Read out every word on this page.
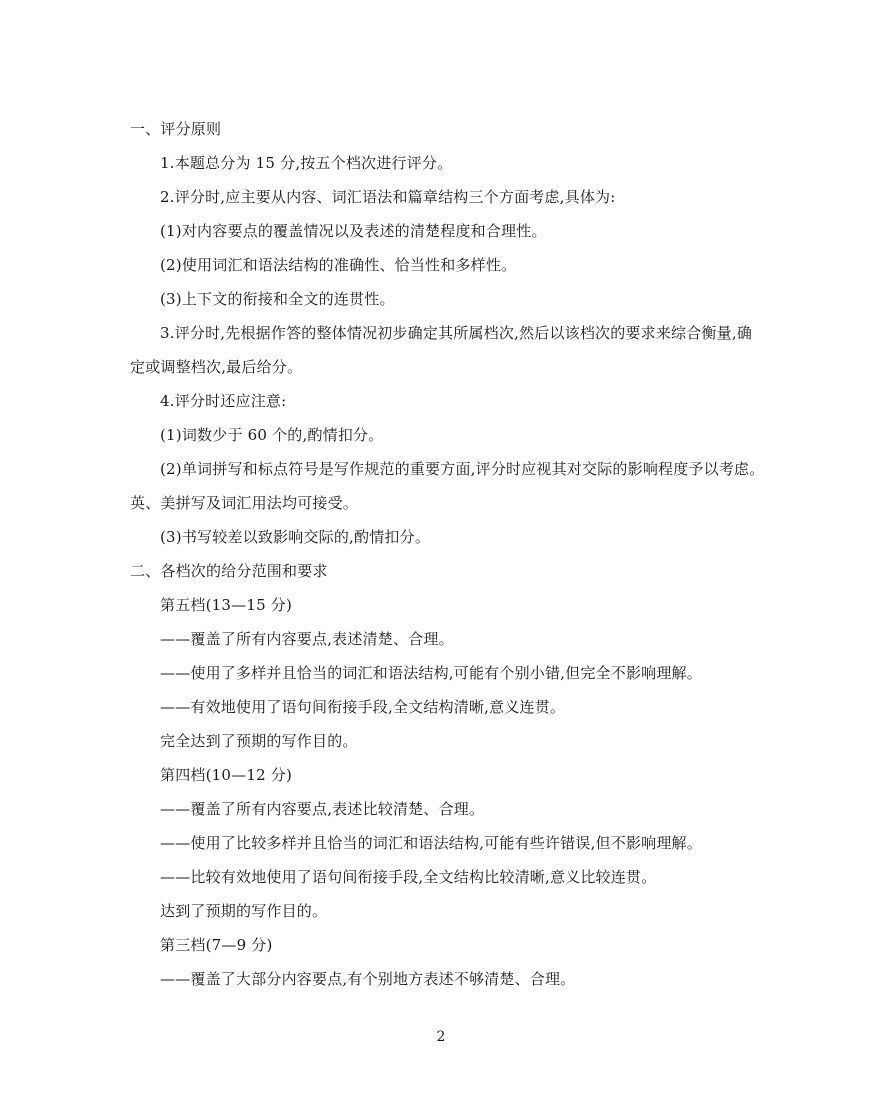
一、评分原则
1.本题总分为 15 分,按五个档次进行评分。
2.评分时,应主要从内容、词汇语法和篇章结构三个方面考虑,具体为:
(1)对内容要点的覆盖情况以及表述的清楚程度和合理性。
(2)使用词汇和语法结构的准确性、恰当性和多样性。
(3)上下文的衔接和全文的连贯性。
3.评分时,先根据作答的整体情况初步确定其所属档次,然后以该档次的要求来综合衡量,确
定或调整档次,最后给分。
4.评分时还应注意:
(1)词数少于 60 个的,酌情扣分。
(2)单词拼写和标点符号是写作规范的重要方面,评分时应视其对交际的影响程度予以考虑。
英、美拼写及词汇用法均可接受。
(3)书写较差以致影响交际的,酌情扣分。
二、各档次的给分范围和要求
第五档(13—15 分)
——覆盖了所有内容要点,表述清楚、合理。
——使用了多样并且恰当的词汇和语法结构,可能有个别小错,但完全不影响理解。
——有效地使用了语句间衔接手段,全文结构清晰,意义连贯。
完全达到了预期的写作目的。
第四档(10—12 分)
——覆盖了所有内容要点,表述比较清楚、合理。
——使用了比较多样并且恰当的词汇和语法结构,可能有些许错误,但不影响理解。
——比较有效地使用了语句间衔接手段,全文结构比较清晰,意义比较连贯。
达到了预期的写作目的。
第三档(7—9 分)
——覆盖了大部分内容要点,有个别地方表述不够清楚、合理。
2
